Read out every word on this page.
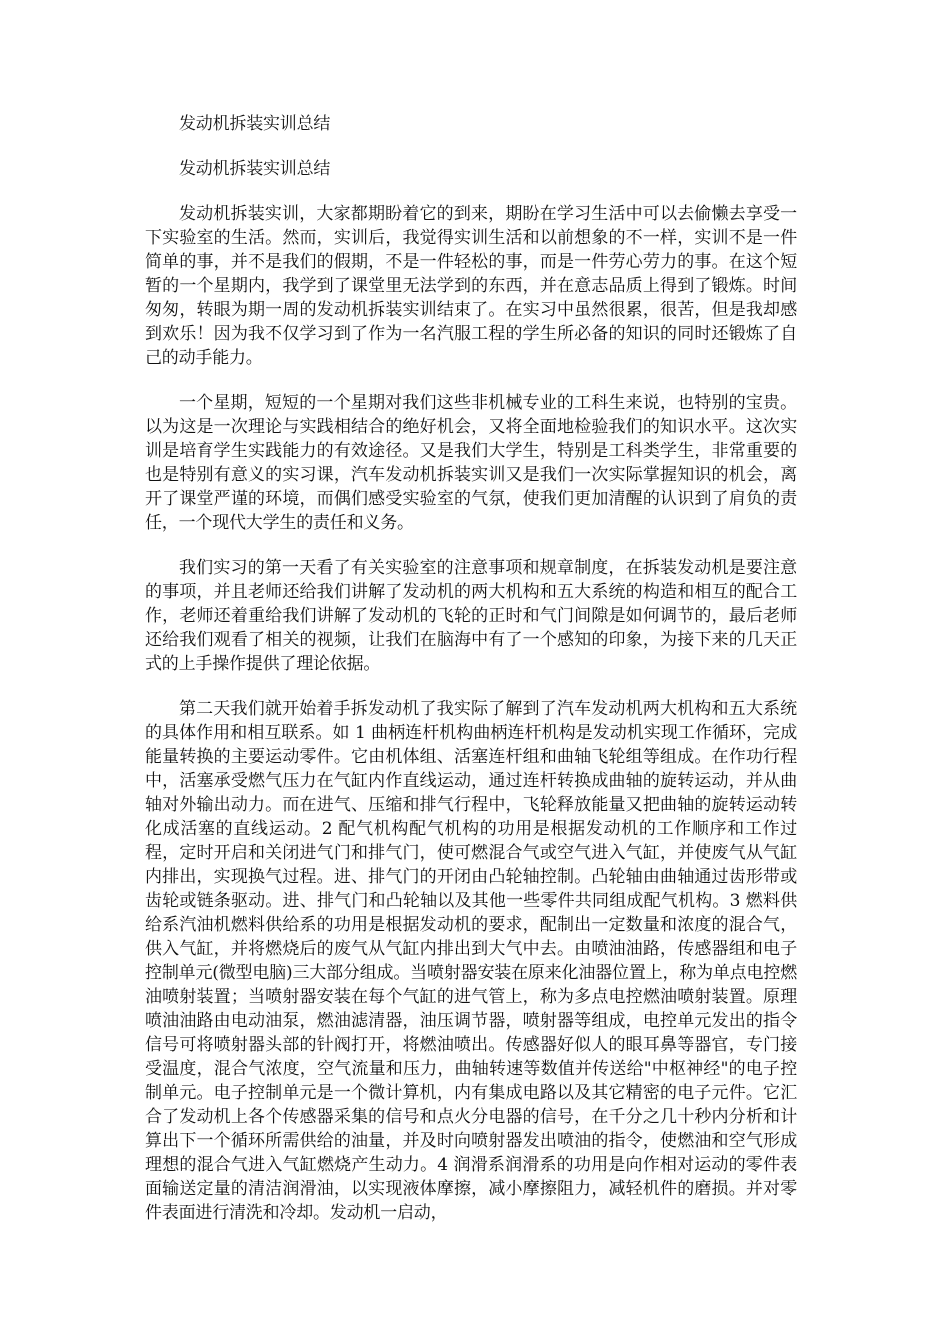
发动机拆装实训总结

发动机拆装实训总结

发动机拆装实训，大家都期盼着它的到来，期盼在学习生活中可以去偷懒去享受一下实验室的生活。然而，实训后，我觉得实训生活和以前想象的不一样，实训不是一件简单的事，并不是我们的假期，不是一件轻松的事，而是一件劳心劳力的事。在这个短暂的一个星期内，我学到了课堂里无法学到的东西，并在意志品质上得到了锻炼。时间匆匆，转眼为期一周的发动机拆装实训结束了。在实习中虽然很累，很苦，但是我却感到欢乐！因为我不仅学习到了作为一名汽服工程的学生所必备的知识的同时还锻炼了自己的动手能力。

一个星期，短短的一个星期对我们这些非机械专业的工科生来说，也特别的宝贵。以为这是一次理论与实践相结合的绝好机会，又将全面地检验我们的知识水平。这次实训是培育学生实践能力的有效途径。又是我们大学生，特别是工科类学生，非常重要的也是特别有意义的实习课，汽车发动机拆装实训又是我们一次实际掌握知识的机会，离开了课堂严谨的环境，而偶们感受实验室的气氛，使我们更加清醒的认识到了肩负的责任，一个现代大学生的责任和义务。

我们实习的第一天看了有关实验室的注意事项和规章制度，在拆装发动机是要注意的事项，并且老师还给我们讲解了发动机的两大机构和五大系统的构造和相互的配合工作，老师还着重给我们讲解了发动机的飞轮的正时和气门间隙是如何调节的，最后老师还给我们观看了相关的视频，让我们在脑海中有了一个感知的印象，为接下来的几天正式的上手操作提供了理论依据。

第二天我们就开始着手拆发动机了我实际了解到了汽车发动机两大机构和五大系统的具体作用和相互联系。如 1 曲柄连杆机构曲柄连杆机构是发动机实现工作循环，完成能量转换的主要运动零件。它由机体组、活塞连杆组和曲轴飞轮组等组成。在作功行程中，活塞承受燃气压力在气缸内作直线运动，通过连杆转换成曲轴的旋转运动，并从曲轴对外输出动力。而在进气、压缩和排气行程中，飞轮释放能量又把曲轴的旋转运动转化成活塞的直线运动。2 配气机构配气机构的功用是根据发动机的工作顺序和工作过程，定时开启和关闭进气门和排气门，使可燃混合气或空气进入气缸，并使废气从气缸内排出，实现换气过程。进、排气门的开闭由凸轮轴控制。凸轮轴由曲轴通过齿形带或齿轮或链条驱动。进、排气门和凸轮轴以及其他一些零件共同组成配气机构。3 燃料供给系汽油机燃料供给系的功用是根据发动机的要求，配制出一定数量和浓度的混合气，供入气缸，并将燃烧后的废气从气缸内排出到大气中去。由喷油油路，传感器组和电子控制单元(微型电脑)三大部分组成。当喷射器安装在原来化油器位置上，称为单点电控燃油喷射装置；当喷射器安装在每个气缸的进气管上，称为多点电控燃油喷射装置。原理喷油油路由电动油泵，燃油滤清器，油压调节器，喷射器等组成，电控单元发出的指令信号可将喷射器头部的针阀打开，将燃油喷出。传感器好似人的眼耳鼻等器官，专门接受温度，混合气浓度，空气流量和压力，曲轴转速等数值并传送给"中枢神经"的电子控制单元。电子控制单元是一个微计算机，内有集成电路以及其它精密的电子元件。它汇合了发动机上各个传感器采集的信号和点火分电器的信号，在千分之几十秒内分析和计算出下一个循环所需供给的油量，并及时向喷射器发出喷油的指令，使燃油和空气形成理想的混合气进入气缸燃烧产生动力。4 润滑系润滑系的功用是向作相对运动的零件表面输送定量的清洁润滑油，以实现液体摩擦，减小摩擦阻力，减轻机件的磨损。并对零件表面进行清洗和冷却。发动机一启动，
